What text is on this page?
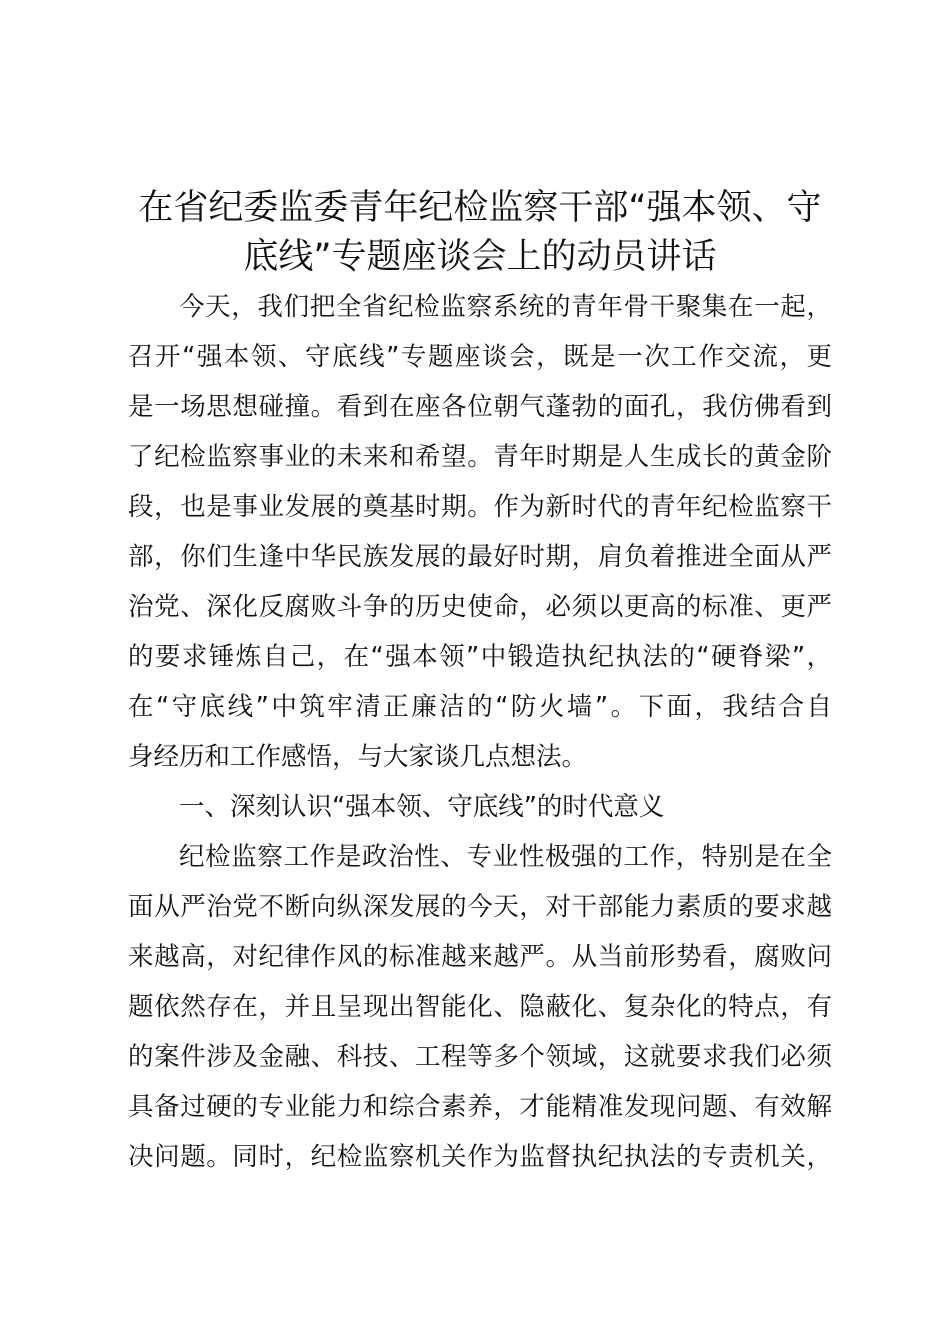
在省纪委监委青年纪检监察干部“强本领、守
底线”专题座谈会上的动员讲话
今天，我们把全省纪检监察系统的青年骨干聚集在一起，
召开“强本领、守底线”专题座谈会，既是一次工作交流，更
是一场思想碰撞。看到在座各位朝气蓬勃的面孔，我仿佛看到
了纪检监察事业的未来和希望。青年时期是人生成长的黄金阶
段，也是事业发展的奠基时期。作为新时代的青年纪检监察干
部，你们生逢中华民族发展的最好时期，肩负着推进全面从严
治党、深化反腐败斗争的历史使命，必须以更高的标准、更严
的要求锤炼自己，在“强本领”中锻造执纪执法的“硬脊梁”，
在“守底线”中筑牢清正廉洁的“防火墙”。下面，我结合自
身经历和工作感悟，与大家谈几点想法。
一、深刻认识“强本领、守底线”的时代意义
纪检监察工作是政治性、专业性极强的工作，特别是在全
面从严治党不断向纵深发展的今天，对干部能力素质的要求越
来越高，对纪律作风的标准越来越严。从当前形势看，腐败问
题依然存在，并且呈现出智能化、隐蔽化、复杂化的特点，有
的案件涉及金融、科技、工程等多个领域，这就要求我们必须
具备过硬的专业能力和综合素养，才能精准发现问题、有效解
决问题。同时，纪检监察机关作为监督执纪执法的专责机关，
